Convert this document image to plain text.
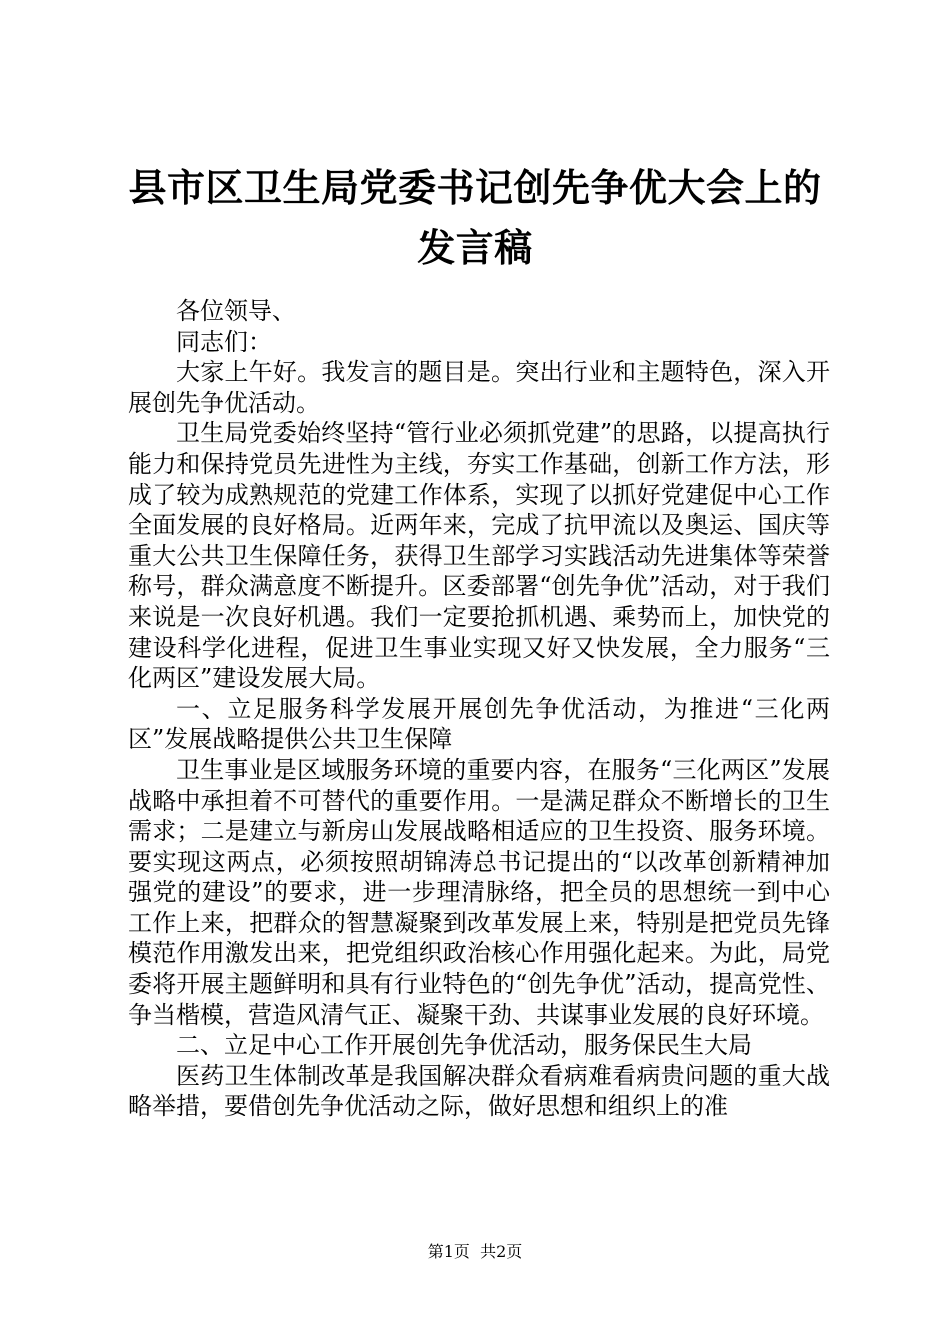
县市区卫生局党委书记创先争优大会上的发言稿

各位领导、

同志们：

大家上午好。我发言的题目是。突出行业和主题特色，深入开展创先争优活动。

卫生局党委始终坚持“管行业必须抓党建”的思路，以提高执行能力和保持党员先进性为主线，夯实工作基础，创新工作方法，形成了较为成熟规范的党建工作体系，实现了以抓好党建促中心工作全面发展的良好格局。近两年来，完成了抗甲流以及奥运、国庆等重大公共卫生保障任务，获得卫生部学习实践活动先进集体等荣誉称号，群众满意度不断提升。区委部署“创先争优”活动，对于我们来说是一次良好机遇。我们一定要抢抓机遇、乘势而上，加快党的建设科学化进程，促进卫生事业实现又好又快发展，全力服务“三化两区”建设发展大局。

一、立足服务科学发展开展创先争优活动，为推进“三化两区”发展战略提供公共卫生保障

卫生事业是区域服务环境的重要内容，在服务“三化两区”发展战略中承担着不可替代的重要作用。一是满足群众不断增长的卫生需求；二是建立与新房山发展战略相适应的卫生投资、服务环境。要实现这两点，必须按照胡锦涛总书记提出的“以改革创新精神加强党的建设”的要求，进一步理清脉络，把全员的思想统一到中心工作上来，把群众的智慧凝聚到改革发展上来，特别是把党员先锋模范作用激发出来，把党组织政治核心作用强化起来。为此，局党委将开展主题鲜明和具有行业特色的“创先争优”活动，提高党性、争当楷模，营造风清气正、凝聚干劲、共谋事业发展的良好环境。

二、立足中心工作开展创先争优活动，服务保民生大局

医药卫生体制改革是我国解决群众看病难看病贵问题的重大战略举措，要借创先争优活动之际，做好思想和组织上的准

第1页 共2页
